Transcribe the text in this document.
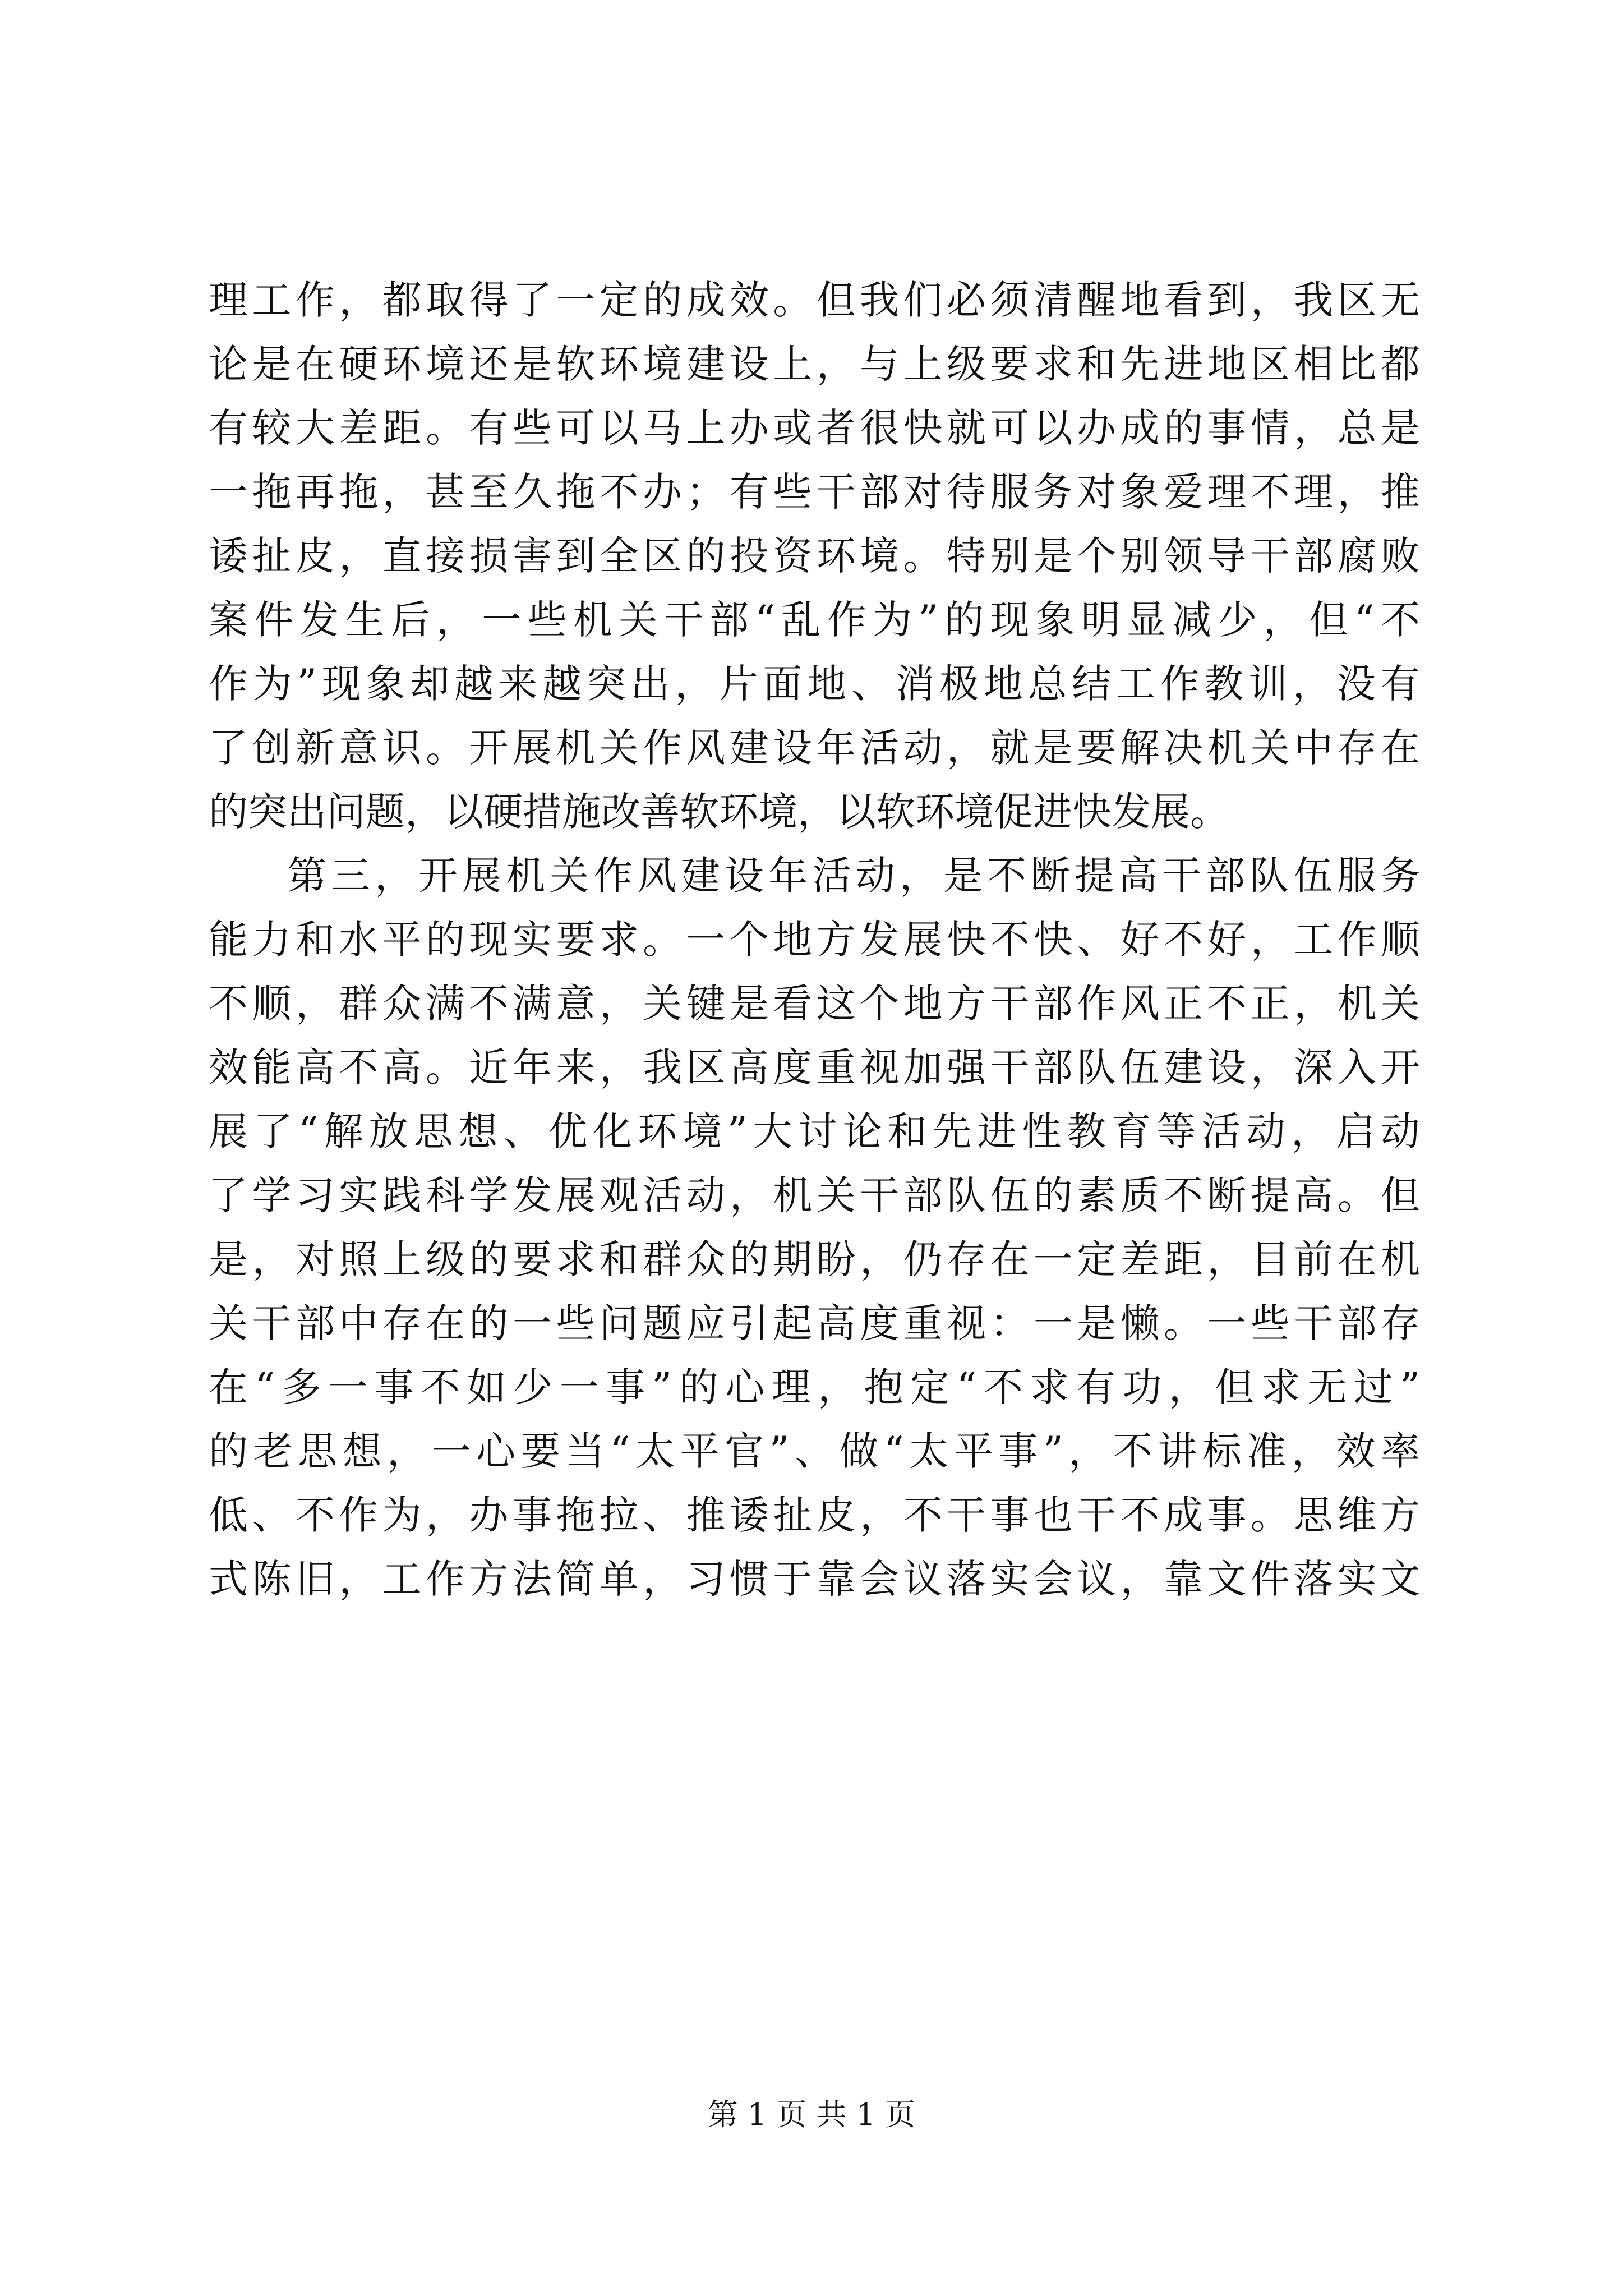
理工作，都取得了一定的成效。但我们必须清醒地看到，我区无
论是在硬环境还是软环境建设上，与上级要求和先进地区相比都
有较大差距。有些可以马上办或者很快就可以办成的事情，总是
一拖再拖，甚至久拖不办；有些干部对待服务对象爱理不理，推
诿扯皮，直接损害到全区的投资环境。特别是个别领导干部腐败
案件发生后，一些机关干部“乱作为”的现象明显减少，但“不
作为”现象却越来越突出，片面地、消极地总结工作教训，没有
了创新意识。开展机关作风建设年活动，就是要解决机关中存在
的突出问题，以硬措施改善软环境，以软环境促进快发展。
第三，开展机关作风建设年活动，是不断提高干部队伍服务
能力和水平的现实要求。一个地方发展快不快、好不好，工作顺
不顺，群众满不满意，关键是看这个地方干部作风正不正，机关
效能高不高。近年来，我区高度重视加强干部队伍建设，深入开
展了“解放思想、优化环境”大讨论和先进性教育等活动，启动
了学习实践科学发展观活动，机关干部队伍的素质不断提高。但
是，对照上级的要求和群众的期盼，仍存在一定差距，目前在机
关干部中存在的一些问题应引起高度重视：一是懒。一些干部存
在“多一事不如少一事”的心理，抱定“不求有功，但求无过”
的老思想，一心要当“太平官”、做“太平事”，不讲标准，效率
低、不作为，办事拖拉、推诿扯皮，不干事也干不成事。思维方
式陈旧，工作方法简单，习惯于靠会议落实会议，靠文件落实文
第 1 页 共 1 页
